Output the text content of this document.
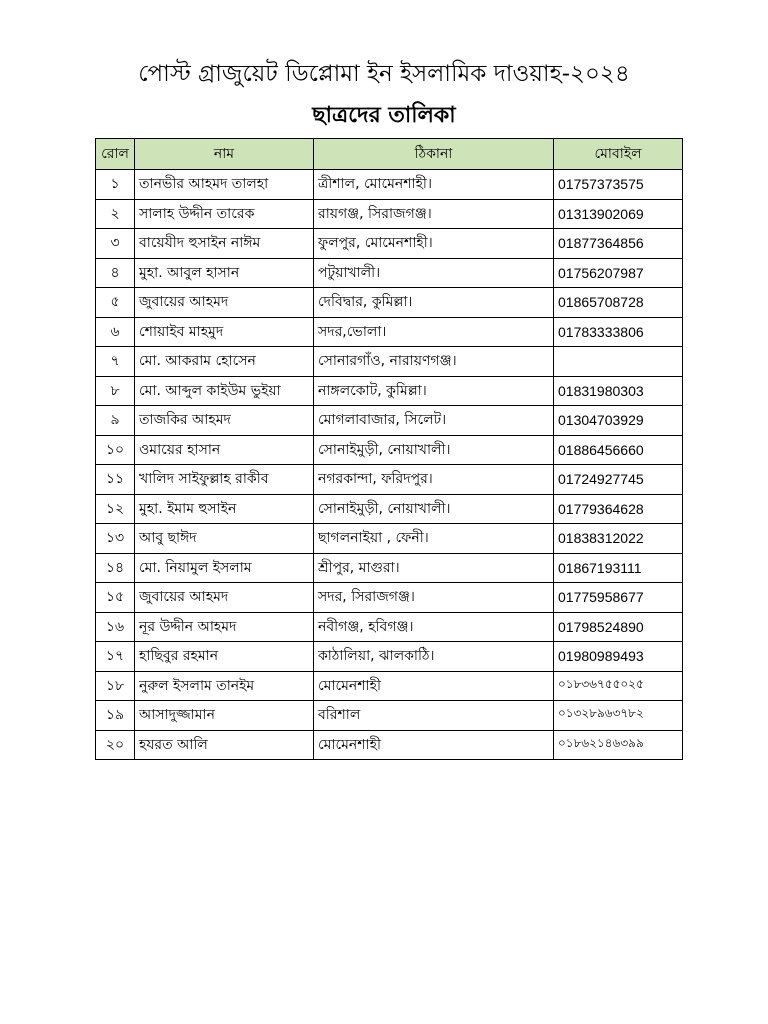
পোস্ট গ্রাজুয়েট ডিপ্লোমা ইন ইসলামিক দাওয়াহ-২০২৪
ছাত্রদের তালিকা
রোল	নাম	ঠিকানা	মোবাইল
১	তানভীর আহমদ তালহা	ত্রীশাল, মোমেনশাহী।	01757373575
২	সালাহ উদ্দীন তারেক	রায়গঞ্জ, সিরাজগঞ্জ।	01313902069
৩	বায়েযীদ হুসাইন নাঈম	ফুলপুর, মোমেনশাহী।	01877364856
৪	মুহা. আবুল হাসান	পটুয়াখালী।	01756207987
৫	জুবায়ের আহমদ	দেবিদ্বার, কুমিল্লা।	01865708728
৬	শোয়াইব মাহমুদ	সদর,ভোলা।	01783333806
৭	মো. আকরাম হোসেন	সোনারগাঁও, নারায়ণগঞ্জ।	
৮	মো. আব্দুল কাইউম ভুইয়া	নাঙ্গলকোট, কুমিল্লা।	01831980303
৯	তাজকির আহমদ	মোগলাবাজার, সিলেট।	01304703929
১০	ওমায়ের হাসান	সোনাইমুড়ী, নোয়াখালী।	01886456660
১১	খালিদ সাইফুল্লাহ রাকীব	নগরকান্দা, ফরিদপুর।	01724927745
১২	মুহা. ইমাম হুসাইন	সোনাইমুড়ী, নোয়াখালী।	01779364628
১৩	আবু ছাঈদ	ছাগলনাইয়া , ফেনী।	01838312022
১৪	মো. নিয়ামুল ইসলাম	শ্রীপুর, মাগুরা।	01867193111
১৫	জুবায়ের আহমদ	সদর, সিরাজগঞ্জ।	01775958677
১৬	নূর উদ্দীন আহমদ	নবীগঞ্জ, হবিগঞ্জ।	01798524890
১৭	হাছিবুর রহমান	কাঠালিয়া, ঝালকাঠি।	01980989493
১৮	নুরুল ইসলাম তানইম	মোমেনশাহী	০১৮৩৬৭৫৫০২৫
১৯	আসাদুজ্জামান	বরিশাল	০১৩২৮৯৬৩৭৮২
২০	হযরত আলি	মোমেনশাহী	০১৮৬২১৪৬৩৯৯
